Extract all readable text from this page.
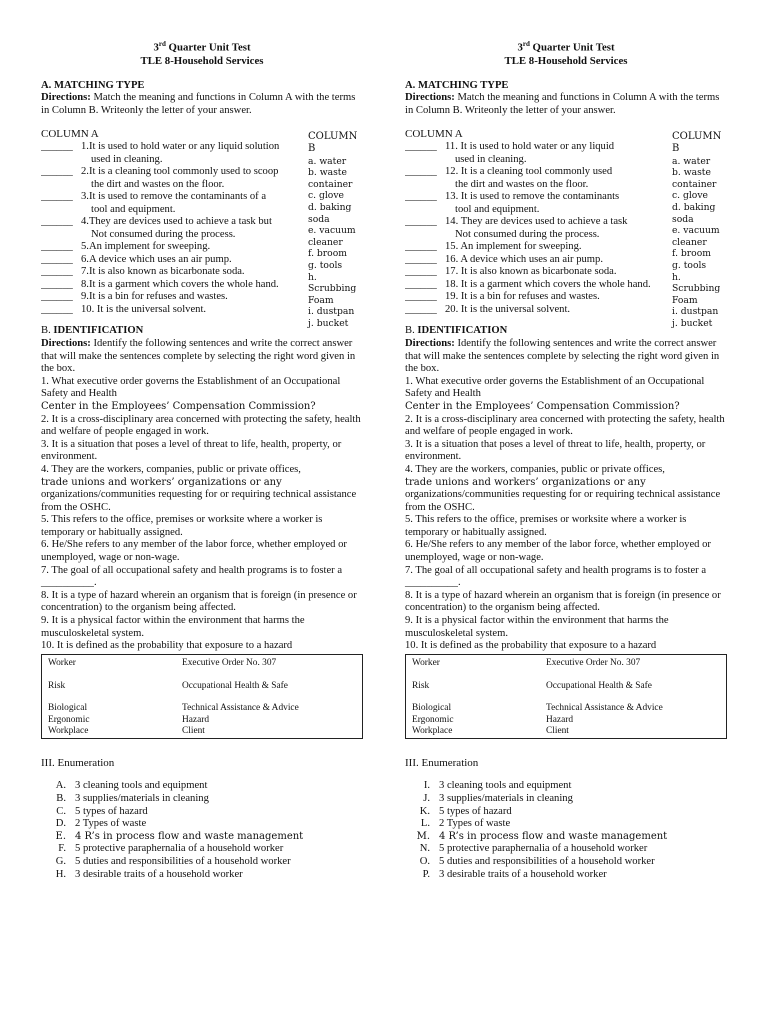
3rd Quarter Unit Test
TLE 8-Household Services
A. MATCHING TYPE
Directions: Match the meaning and functions in Column A with the terms in Column B. Writeonly the letter of your answer.
COLUMN A
______ 1.It is used to hold water or any liquid solution
used in cleaning.
______ 2.It is a cleaning tool commonly used to scoop
the dirt and wastes on the floor.
______ 3.It is used to remove the contaminants of a
tool and equipment.
______ 4.They are devices used to achieve a task but
Not consumed during the process.
______ 5.An implement for sweeping.
______ 6.A device which uses an air pump.
______ 7.It is also known as bicarbonate soda.
______ 8.It is a garment which covers the whole hand.
______ 9.It is a bin for refuses and wastes.
______ 10. It is the universal solvent.
COLUMN B
a. water
b. waste container
c. glove
d. baking soda
e. vacuum cleaner
f. broom
g. tools
h. Scrubbing
Foam
i. dustpan
j. bucket
B. IDENTIFICATION
Directions: Identify the following sentences and write the correct answer that will make the sentences complete by selecting the right word given in the box.
1. What executive order governs the Establishment of an Occupational Safety and Health
Center in the Employees’ Compensation Commission?
2. It is a cross-disciplinary area concerned with protecting the safety, health and welfare of people engaged in work.
3. It is a situation that poses a level of threat to life, health, property, or environment.
4. They are the workers, companies, public or private offices,
trade unions and workers’ organizations or any
organizations/communities requesting for or requiring technical assistance from the OSHC.
5. This refers to the office, premises or worksite where a worker is temporary or habitually assigned.
6. He/She refers to any member of the labor force, whether employed or unemployed, wage or non-wage.
7. The goal of all occupational safety and health programs is to foster a __________.
8. It is a type of hazard wherein an organism that is foreign (in presence or concentration) to the organism being affected.
9. It is a physical factor within the environment that harms the musculoskeletal system.
10. It is defined as the probability that exposure to a hazard
Worker	Executive Order No. 307
Risk	Occupational Health & Safe
Biological	Technical Assistance & Advice
Ergonomic	Hazard
Workplace	Client
III. Enumeration
A. 3 cleaning tools and equipment
B. 3 supplies/materials in cleaning
C. 5 types of hazard
D. 2 Types of waste
E. 4 R’s in process flow and waste management
F. 5 protective paraphernalia of a household worker
G. 5 duties and responsibilities of a household worker
H. 3 desirable traits of a household worker
3rd Quarter Unit Test
TLE 8-Household Services
A. MATCHING TYPE
Directions: Match the meaning and functions in Column A with the terms in Column B. Writeonly the letter of your answer.
COLUMN A
______ 11. It is used to hold water or any liquid
used in cleaning.
______ 12. It is a cleaning tool commonly used
the dirt and wastes on the floor.
______ 13. It is used to remove the contaminants
tool and equipment.
______ 14. They are devices used to achieve a task
Not consumed during the process.
______ 15. An implement for sweeping.
______ 16. A device which uses an air pump.
______ 17. It is also known as bicarbonate soda.
______ 18. It is a garment which covers the whole hand.
______ 19. It is a bin for refuses and wastes.
______ 20. It is the universal solvent.
COLUMN B
a. water
b. waste container
c. glove
d. baking soda
e. vacuum cleaner
f. broom
g. tools
h. Scrubbing
Foam
i. dustpan
j. bucket
B. IDENTIFICATION
Directions: Identify the following sentences and write the correct answer that will make the sentences complete by selecting the right word given in the box.
1. What executive order governs the Establishment of an Occupational Safety and Health
Center in the Employees’ Compensation Commission?
2. It is a cross-disciplinary area concerned with protecting the safety, health and welfare of people engaged in work.
3. It is a situation that poses a level of threat to life, health, property, or environment.
4. They are the workers, companies, public or private offices,
trade unions and workers’ organizations or any
organizations/communities requesting for or requiring technical assistance from the OSHC.
5. This refers to the office, premises or worksite where a worker is temporary or habitually assigned.
6. He/She refers to any member of the labor force, whether employed or unemployed, wage or non-wage.
7. The goal of all occupational safety and health programs is to foster a __________.
8. It is a type of hazard wherein an organism that is foreign (in presence or concentration) to the organism being affected.
9. It is a physical factor within the environment that harms the musculoskeletal system.
10. It is defined as the probability that exposure to a hazard
Worker	Executive Order No. 307
Risk	Occupational Health & Safe
Biological	Technical Assistance & Advice
Ergonomic	Hazard
Workplace	Client
III. Enumeration
I. 3 cleaning tools and equipment
J. 3 supplies/materials in cleaning
K. 5 types of hazard
L. 2 Types of waste
M. 4 R’s in process flow and waste management
N. 5 protective paraphernalia of a household worker
O. 5 duties and responsibilities of a household worker
P. 3 desirable traits of a household worker
